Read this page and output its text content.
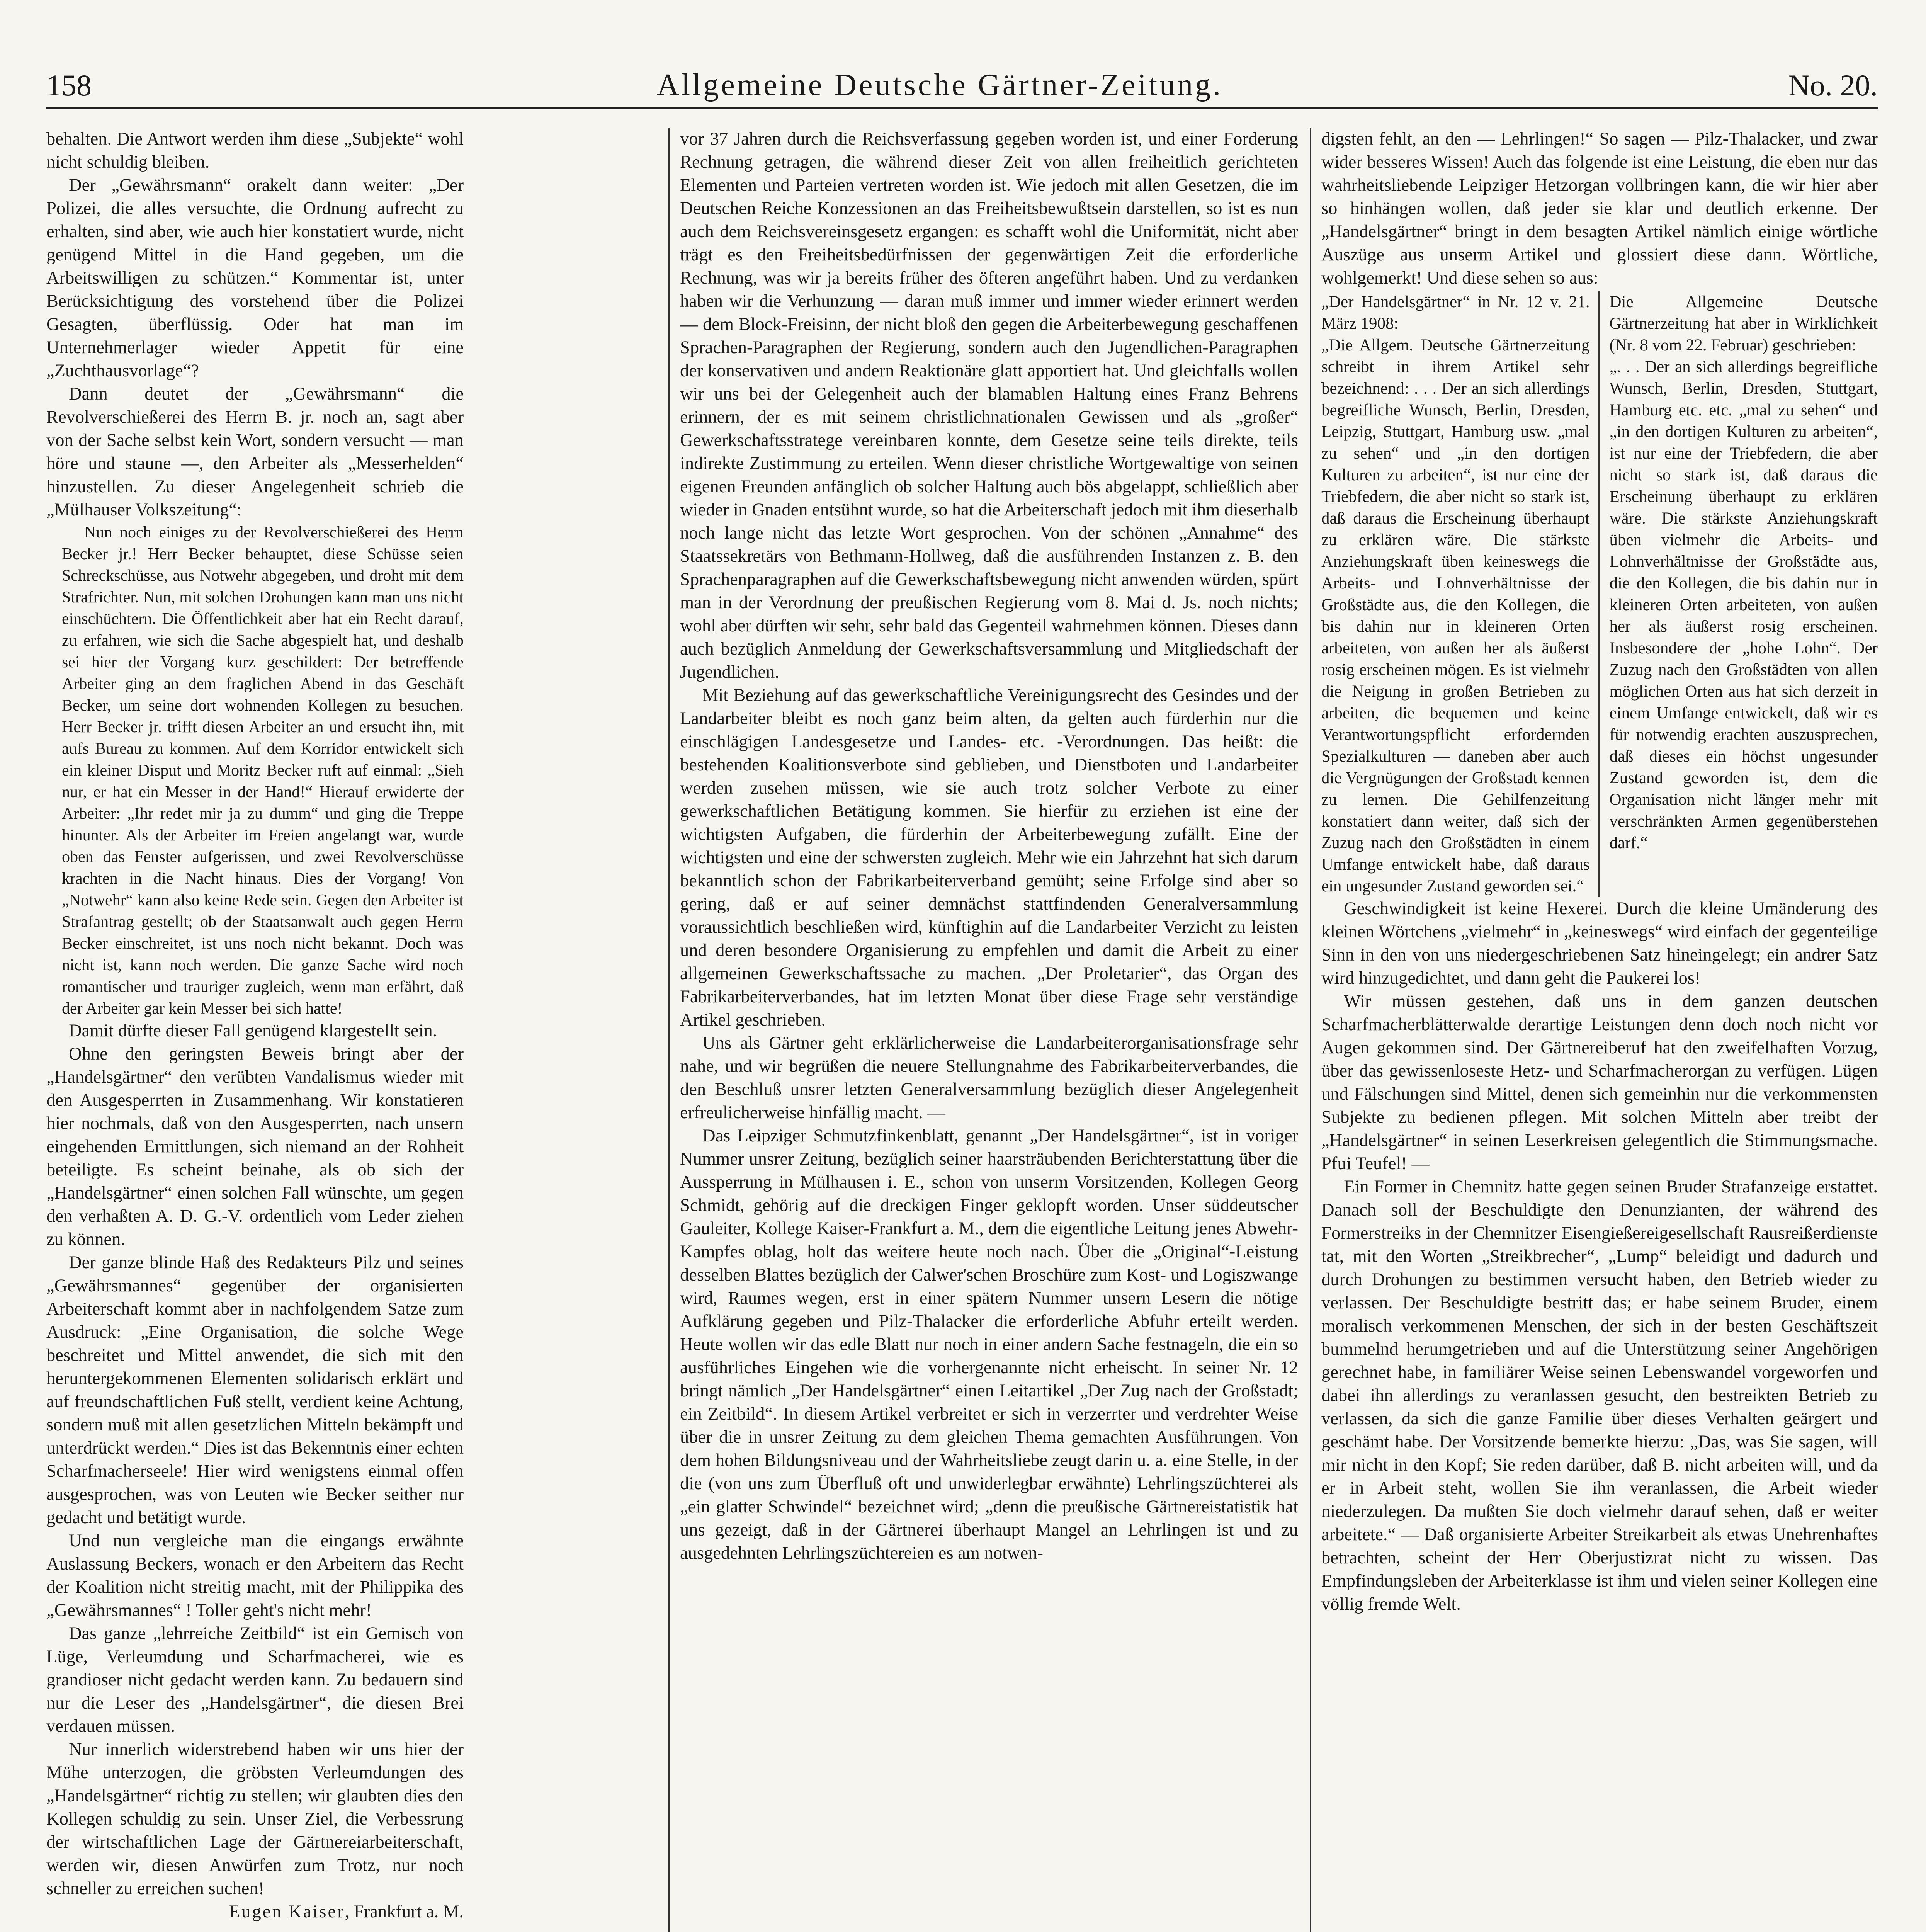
158	Allgemeine Deutsche Gärtner-Zeitung.	No. 20.

behalten. Die Antwort werden ihm diese „Subjekte“ wohl nicht schuldig bleiben.

Der „Gewährsmann“ orakelt dann weiter: „Der Polizei, die alles versuchte, die Ordnung aufrecht zu erhalten, sind aber, wie auch hier konstatiert wurde, nicht genügend Mittel in die Hand gegeben, um die Arbeitswilligen zu schützen.“ Kommentar ist, unter Berücksichtigung des vorstehend über die Polizei Gesagten, überflüssig. Oder hat man im Unternehmerlager wieder Appetit für eine „Zuchthausvorlage“?

Dann deutet der „Gewährsmann“ die Revolverschießerei des Herrn B. jr. noch an, sagt aber von der Sache selbst kein Wort, sondern versucht — man höre und staune —, den Arbeiter als „Messerhelden“ hinzustellen. Zu dieser Angelegenheit schrieb die „Mülhauser Volkszeitung“:

Nun noch einiges zu der Revolverschießerei des Herrn Becker jr.! Herr Becker behauptet, diese Schüsse seien Schreckschüsse, aus Notwehr abgegeben, und droht mit dem Strafrichter. Nun, mit solchen Drohungen kann man uns nicht einschüchtern. Die Öffentlichkeit aber hat ein Recht darauf, zu erfahren, wie sich die Sache abgespielt hat, und deshalb sei hier der Vorgang kurz geschildert: Der betreffende Arbeiter ging an dem fraglichen Abend in das Geschäft Becker, um seine dort wohnenden Kollegen zu besuchen. Herr Becker jr. trifft diesen Arbeiter an und ersucht ihn, mit aufs Bureau zu kommen. Auf dem Korridor entwickelt sich ein kleiner Disput und Moritz Becker ruft auf einmal: „Sieh nur, er hat ein Messer in der Hand!“ Hierauf erwiderte der Arbeiter: „Ihr redet mir ja zu dumm“ und ging die Treppe hinunter. Als der Arbeiter im Freien angelangt war, wurde oben das Fenster aufgerissen, und zwei Revolverschüsse krachten in die Nacht hinaus. Dies der Vorgang! Von „Notwehr“ kann also keine Rede sein. Gegen den Arbeiter ist Strafantrag gestellt; ob der Staatsanwalt auch gegen Herrn Becker einschreitet, ist uns noch nicht bekannt. Doch was nicht ist, kann noch werden. Die ganze Sache wird noch romantischer und trauriger zugleich, wenn man erfährt, daß der Arbeiter gar kein Messer bei sich hatte!

Damit dürfte dieser Fall genügend klargestellt sein.

Ohne den geringsten Beweis bringt aber der „Handelsgärtner“ den verübten Vandalismus wieder mit den Ausgesperrten in Zusammenhang. Wir konstatieren hier nochmals, daß von den Ausgesperrten, nach unsern eingehenden Ermittlungen, sich niemand an der Rohheit beteiligte. Es scheint beinahe, als ob sich der „Handelsgärtner“ einen solchen Fall wünschte, um gegen den verhaßten A. D. G.-V. ordentlich vom Leder ziehen zu können.

Der ganze blinde Haß des Redakteurs Pilz und seines „Gewährsmannes“ gegenüber der organisierten Arbeiterschaft kommt aber in nachfolgendem Satze zum Ausdruck: „Eine Organisation, die solche Wege beschreitet und Mittel anwendet, die sich mit den heruntergekommenen Elementen solidarisch erklärt und auf freundschaftlichen Fuß stellt, verdient keine Achtung, sondern muß mit allen gesetzlichen Mitteln bekämpft und unterdrückt werden.“ Dies ist das Bekenntnis einer echten Scharfmacherseele! Hier wird wenigstens einmal offen ausgesprochen, was von Leuten wie Becker seither nur gedacht und betätigt wurde.

Und nun vergleiche man die eingangs erwähnte Auslassung Beckers, wonach er den Arbeitern das Recht der Koalition nicht streitig macht, mit der Philippika des „Gewährsmannes“ ! Toller geht's nicht mehr!

Das ganze „lehrreiche Zeitbild“ ist ein Gemisch von Lüge, Verleumdung und Scharfmacherei, wie es grandioser nicht gedacht werden kann. Zu bedauern sind nur die Leser des „Handelsgärtner“, die diesen Brei verdauen müssen.

Nur innerlich widerstrebend haben wir uns hier der Mühe unterzogen, die gröbsten Verleumdungen des „Handelsgärtner“ richtig zu stellen; wir glaubten dies den Kollegen schuldig zu sein. Unser Ziel, die Verbessrung der wirtschaftlichen Lage der Gärtnereiarbeiterschaft, werden wir, diesen Anwürfen zum Trotz, nur noch schneller zu erreichen suchen!

Eugen Kaiser, Frankfurt a. M.

vor 37 Jahren durch die Reichsverfassung gegeben worden ist, und einer Forderung Rechnung getragen, die während dieser Zeit von allen freiheitlich gerichteten Elementen und Parteien vertreten worden ist. Wie jedoch mit allen Gesetzen, die im Deutschen Reiche Konzessionen an das Freiheitsbewußtsein darstellen, so ist es nun auch dem Reichsvereinsgesetz ergangen: es schafft wohl die Uniformität, nicht aber trägt es den Freiheitsbedürfnissen der gegenwärtigen Zeit die erforderliche Rechnung, was wir ja bereits früher des öfteren angeführt haben. Und zu verdanken haben wir die Verhunzung — daran muß immer und immer wieder erinnert werden — dem Block-Freisinn, der nicht bloß den gegen die Arbeiterbewegung geschaffenen Sprachen-Paragraphen der Regierung, sondern auch den Jugendlichen-Paragraphen der konservativen und andern Reaktionäre glatt apportiert hat. Und gleichfalls wollen wir uns bei der Gelegenheit auch der blamablen Haltung eines Franz Behrens erinnern, der es mit seinem christlichnationalen Gewissen und als „großer“ Gewerkschaftsstratege vereinbaren konnte, dem Gesetze seine teils direkte, teils indirekte Zustimmung zu erteilen. Wenn dieser christliche Wortgewaltige von seinen eigenen Freunden anfänglich ob solcher Haltung auch bös abgelappt, schließlich aber wieder in Gnaden entsühnt wurde, so hat die Arbeiterschaft jedoch mit ihm dieserhalb noch lange nicht das letzte Wort gesprochen. Von der schönen „Annahme“ des Staatssekretärs von Bethmann-Hollweg, daß die ausführenden Instanzen z. B. den Sprachenparagraphen auf die Gewerkschaftsbewegung nicht anwenden würden, spürt man in der Verordnung der preußischen Regierung vom 8. Mai d. Js. noch nichts; wohl aber dürften wir sehr, sehr bald das Gegenteil wahrnehmen können. Dieses dann auch bezüglich Anmeldung der Gewerkschaftsversammlung und Mitgliedschaft der Jugendlichen.

Mit Beziehung auf das gewerkschaftliche Vereinigungsrecht des Gesindes und der Landarbeiter bleibt es noch ganz beim alten, da gelten auch fürderhin nur die einschlägigen Landesgesetze und Landes- etc. -Verordnungen. Das heißt: die bestehenden Koalitionsverbote sind geblieben, und Dienstboten und Landarbeiter werden zusehen müssen, wie sie auch trotz solcher Verbote zu einer gewerkschaftlichen Betätigung kommen. Sie hierfür zu erziehen ist eine der wichtigsten Aufgaben, die fürderhin der Arbeiterbewegung zufällt. Eine der wichtigsten und eine der schwersten zugleich. Mehr wie ein Jahrzehnt hat sich darum bekanntlich schon der Fabrikarbeiterverband gemüht; seine Erfolge sind aber so gering, daß er auf seiner demnächst stattfindenden Generalversammlung voraussichtlich beschließen wird, künftighin auf die Landarbeiter Verzicht zu leisten und deren besondere Organisierung zu empfehlen und damit die Arbeit zu einer allgemeinen Gewerkschaftssache zu machen. „Der Proletarier“, das Organ des Fabrikarbeiterverbandes, hat im letzten Monat über diese Frage sehr verständige Artikel geschrieben.

Uns als Gärtner geht erklärlicherweise die Landarbeiterorganisationsfrage sehr nahe, und wir begrüßen die neuere Stellungnahme des Fabrikarbeiterverbandes, die den Beschluß unsrer letzten Generalversammlung bezüglich dieser Angelegenheit erfreulicherweise hinfällig macht. —

Das Leipziger Schmutzfinkenblatt, genannt „Der Handelsgärtner“, ist in voriger Nummer unsrer Zeitung, bezüglich seiner haarsträubenden Berichterstattung über die Aussperrung in Mülhausen i. E., schon von unserm Vorsitzenden, Kollegen Georg Schmidt, gehörig auf die dreckigen Finger geklopft worden. Unser süddeutscher Gauleiter, Kollege Kaiser-Frankfurt a. M., dem die eigentliche Leitung jenes Abwehr-Kampfes oblag, holt das weitere heute noch nach. Über die „Original“-Leistung desselben Blattes bezüglich der Calwer'schen Broschüre zum Kost- und Logiszwange wird, Raumes wegen, erst in einer spätern Nummer unsern Lesern die nötige Aufklärung gegeben und Pilz-Thalacker die erforderliche Abfuhr erteilt werden. Heute wollen wir das edle Blatt nur noch in einer andern Sache festnageln, die ein so ausführliches Eingehen wie die vorhergenannte nicht erheischt. In seiner Nr. 12 bringt nämlich „Der Handelsgärtner“ einen Leitartikel „Der Zug nach der Großstadt; ein Zeitbild“. In diesem Artikel verbreitet er sich in verzerrter und verdrehter Weise über die in unsrer Zeitung zu dem gleichen Thema gemachten Ausführungen. Von dem hohen Bildungsniveau und der Wahrheitsliebe zeugt darin u. a. eine Stelle, in der die (von uns zum Überfluß oft und unwiderlegbar erwähnte) Lehrlingszüchterei als „ein glatter Schwindel“ bezeichnet wird; „denn die preußische Gärtnereistatistik hat uns gezeigt, daß in der Gärtnerei überhaupt Mangel an Lehrlingen ist und zu ausgedehnten Lehrlingszüchtereien es am notwen-

digsten fehlt, an den — Lehrlingen!“ So sagen — Pilz-Thalacker, und zwar wider besseres Wissen! Auch das folgende ist eine Leistung, die eben nur das wahrheitsliebende Leipziger Hetzorgan vollbringen kann, die wir hier aber so hinhängen wollen, daß jeder sie klar und deutlich erkenne. Der „Handelsgärtner“ bringt in dem besagten Artikel nämlich einige wörtliche Auszüge aus unserm Artikel und glossiert diese dann. Wörtliche, wohlgemerkt! Und diese sehen so aus:

„Der Handelsgärtner“ in Nr. 12 v. 21. März 1908:

„Die Allgem. Deutsche Gärtnerzeitung schreibt in ihrem Artikel sehr bezeichnend: . . . Der an sich allerdings begreifliche Wunsch, Berlin, Dresden, Leipzig, Stuttgart, Hamburg usw. „mal zu sehen“ und „in den dortigen Kulturen zu arbeiten“, ist nur eine der Triebfedern, die aber nicht so stark ist, daß daraus die Erscheinung überhaupt zu erklären wäre. Die stärkste Anziehungskraft üben keineswegs die Arbeits- und Lohnverhältnisse der Großstädte aus, die den Kollegen, die bis dahin nur in kleineren Orten arbeiteten, von außen her als äußerst rosig erscheinen mögen. Es ist vielmehr die Neigung in großen Betrieben zu arbeiten, die bequemen und keine Verantwortungspflicht erfordernden Spezialkulturen — daneben aber auch die Vergnügungen der Großstadt kennen zu lernen. Die Gehilfenzeitung konstatiert dann weiter, daß sich der Zuzug nach den Großstädten in einem Umfange entwickelt habe, daß daraus ein ungesunder Zustand geworden sei.“

Die Allgemeine Deutsche Gärtnerzeitung hat aber in Wirklichkeit (Nr. 8 vom 22. Februar) geschrieben:

„. . . Der an sich allerdings begreifliche Wunsch, Berlin, Dresden, Stuttgart, Hamburg etc. etc. „mal zu sehen“ und „in den dortigen Kulturen zu arbeiten“, ist nur eine der Triebfedern, die aber nicht so stark ist, daß daraus die Erscheinung überhaupt zu erklären wäre. Die stärkste Anziehungskraft üben vielmehr die Arbeits- und Lohnverhältnisse der Großstädte aus, die den Kollegen, die bis dahin nur in kleineren Orten arbeiteten, von außen her als äußerst rosig erscheinen. Insbesondere der „hohe Lohn“. Der Zuzug nach den Großstädten von allen möglichen Orten aus hat sich derzeit in einem Umfange entwickelt, daß wir es für notwendig erachten auszusprechen, daß dieses ein höchst ungesunder Zustand geworden ist, dem die Organisation nicht länger mehr mit verschränkten Armen gegenüberstehen darf.“

Geschwindigkeit ist keine Hexerei. Durch die kleine Umänderung des kleinen Wörtchens „vielmehr“ in „keineswegs“ wird einfach der gegenteilige Sinn in den von uns niedergeschriebenen Satz hineingelegt; ein andrer Satz wird hinzugedichtet, und dann geht die Paukerei los!

Wir müssen gestehen, daß uns in dem ganzen deutschen Scharfmacherblätterwalde derartige Leistungen denn doch noch nicht vor Augen gekommen sind. Der Gärtnereiberuf hat den zweifelhaften Vorzug, über das gewissenloseste Hetz- und Scharfmacherorgan zu verfügen. Lügen und Fälschungen sind Mittel, denen sich gemeinhin nur die verkommensten Subjekte zu bedienen pflegen. Mit solchen Mitteln aber treibt der „Handelsgärtner“ in seinen Leserkreisen gelegentlich die Stimmungsmache. Pfui Teufel! —

Ein Former in Chemnitz hatte gegen seinen Bruder Strafanzeige erstattet. Danach soll der Beschuldigte den Denunzianten, der während des Formerstreiks in der Chemnitzer Eisengießereigesellschaft Rausreißerdienste tat, mit den Worten „Streikbrecher“, „Lump“ beleidigt und dadurch und durch Drohungen zu bestimmen versucht haben, den Betrieb wieder zu verlassen. Der Beschuldigte bestritt das; er habe seinem Bruder, einem moralisch verkommenen Menschen, der sich in der besten Geschäftszeit bummelnd herumgetrieben und auf die Unterstützung seiner Angehörigen gerechnet habe, in familiärer Weise seinen Lebenswandel vorgeworfen und dabei ihn allerdings zu veranlassen gesucht, den bestreikten Betrieb zu verlassen, da sich die ganze Familie über dieses Verhalten geärgert und geschämt habe. Der Vorsitzende bemerkte hierzu: „Das, was Sie sagen, will mir nicht in den Kopf; Sie reden darüber, daß B. nicht arbeiten will, und da er in Arbeit steht, wollen Sie ihn veranlassen, die Arbeit wieder niederzulegen. Da mußten Sie doch vielmehr darauf sehen, daß er weiter arbeitete.“ — Daß organisierte Arbeiter Streikarbeit als etwas Unehrenhaftes betrachten, scheint der Herr Oberjustizrat nicht zu wissen. Das Empfindungsleben der Arbeiterklasse ist ihm und vielen seiner Kollegen eine völlig fremde Welt.
